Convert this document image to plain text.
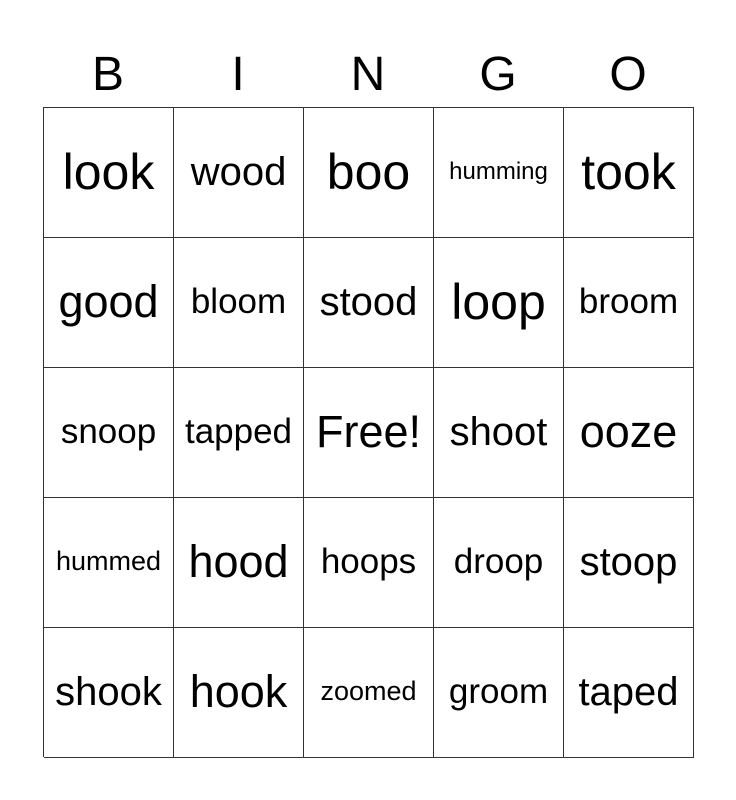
B	I	N	G	O
look wood boo	humming took
good bloom stood loop broom
snoop tapped Free! shoot ooze
hummed hood hoops	droop stoop
shook hook	zoomed groom taped
